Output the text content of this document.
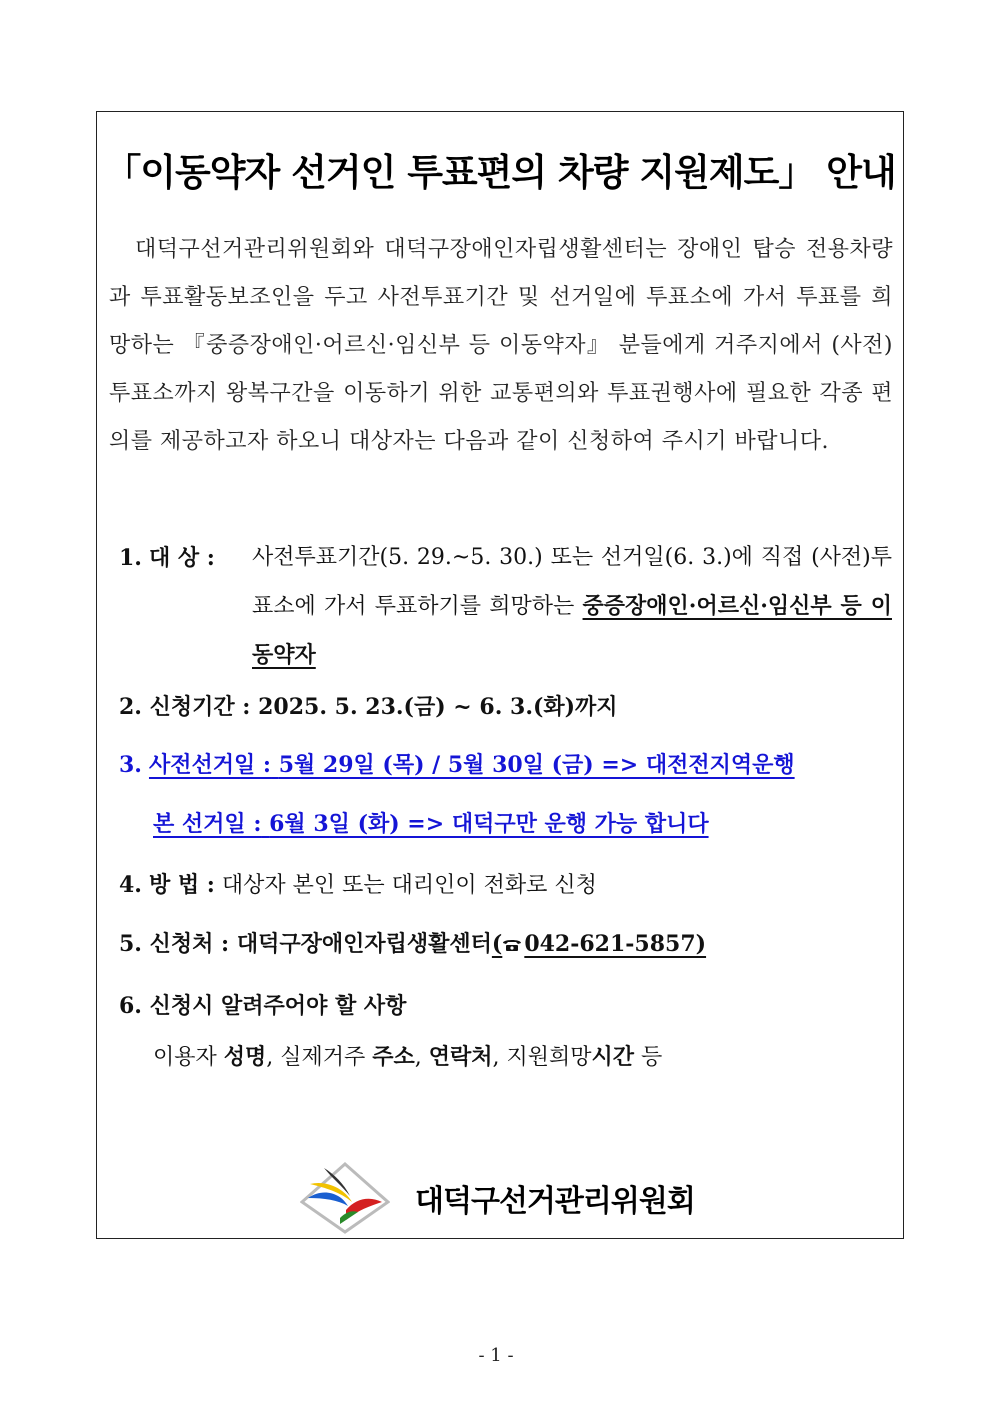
「이동약자 선거인 투표편의 차량 지원제도」 안내
대덕구선거관리위원회와 대덕구장애인자립생활센터는 장애인 탑승 전용차량과 투표활동보조인을 두고 사전투표기간 및 선거일에 투표소에 가서 투표를 희망하는 『중증장애인·어르신·임신부 등 이동약자』 분들에게 거주지에서 (사전)투표소까지 왕복구간을 이동하기 위한 교통편의와 투표권행사에 필요한 각종 편의를 제공하고자 하오니 대상자는 다음과 같이 신청하여 주시기 바랍니다.
1. 대 상 : 사전투표기간(5. 29.~5. 30.) 또는 선거일(6. 3.)에 직접 (사전)투표소에 가서 투표하기를 희망하는 중증장애인·어르신·임신부 등 이동약자
2. 신청기간 : 2025. 5. 23.(금) ~ 6. 3.(화)까지
3. 사전선거일 : 5월 29일 (목) / 5월 30일 (금) => 대전전지역운행
본 선거일 : 6월 3일 (화) => 대덕구만 운행 가능 합니다
4. 방 법 : 대상자 본인 또는 대리인이 전화로 신청
5. 신청처 : 대덕구장애인자립생활센터( 042-621-5857)
6. 신청시 알려주어야 할 사항
이용자 성명, 실제거주 주소, 연락처, 지원희망시간 등
대덕구선거관리위원회
- 1 -
